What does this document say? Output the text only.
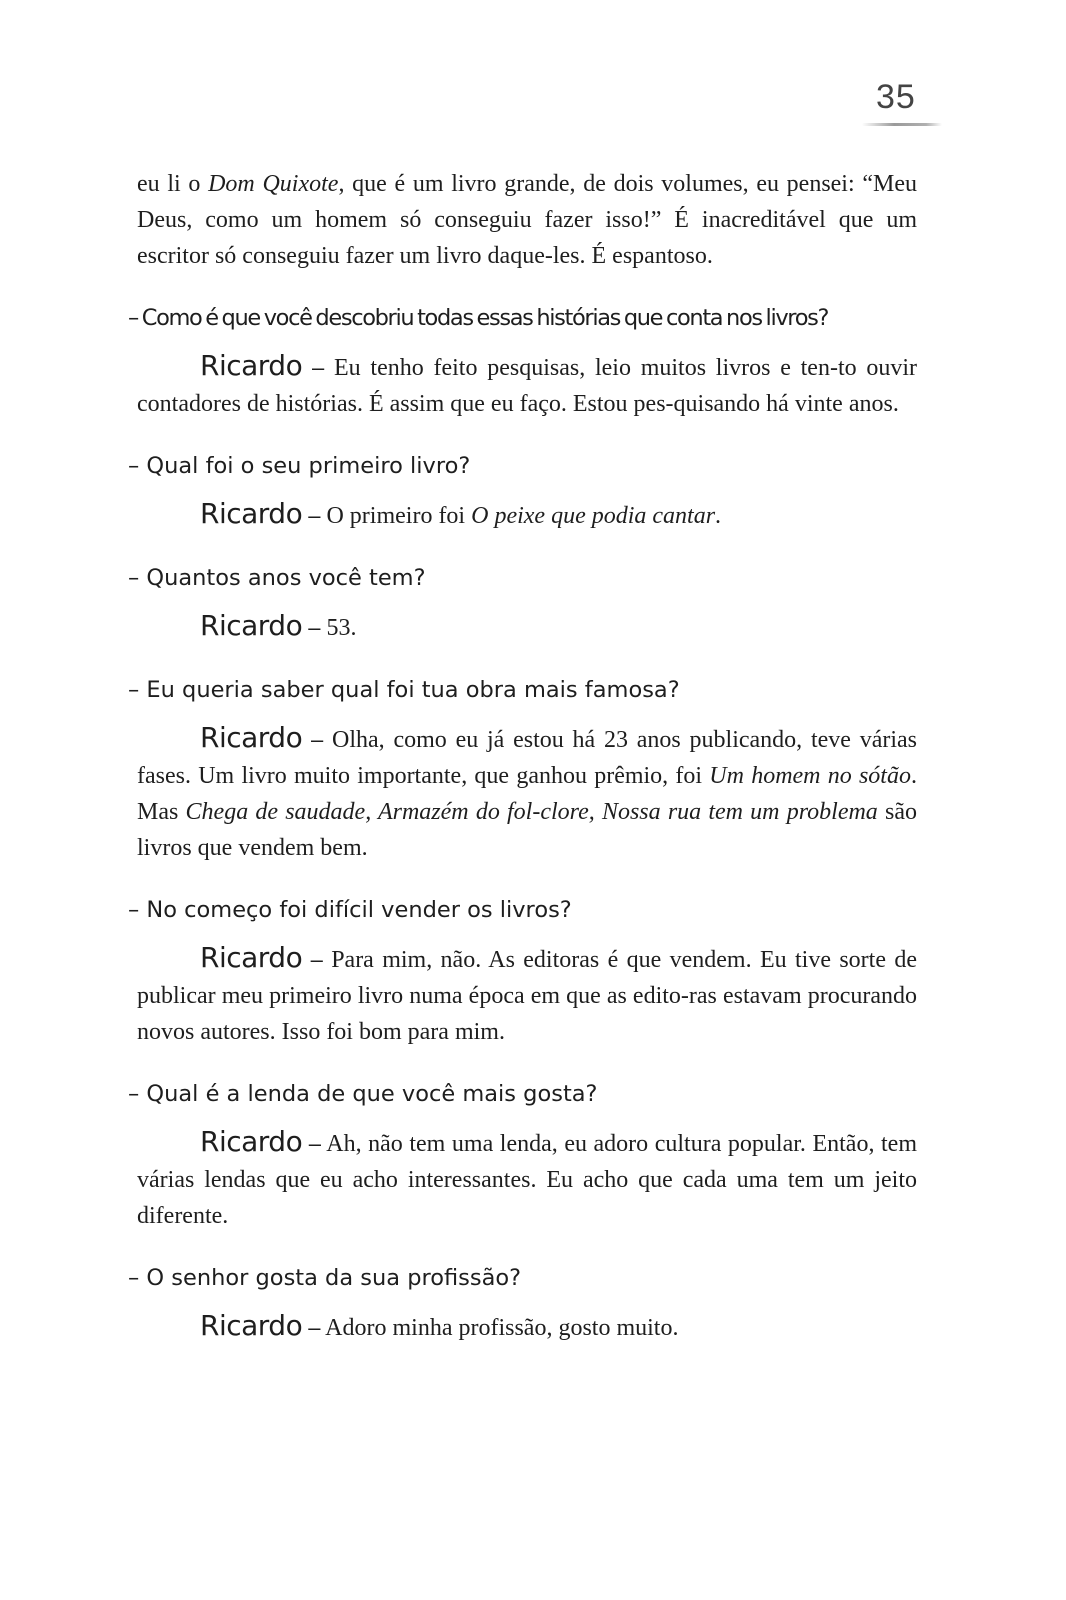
35

eu li o Dom Quixote, que é um livro grande, de dois volumes, eu pensei: “Meu Deus, como um homem só conseguiu fazer isso!” É inacreditável que um escritor só conseguiu fazer um livro daque-les. É espantoso.

– Como é que você descobriu todas essas histórias que conta nos livros?

Ricardo – Eu tenho feito pesquisas, leio muitos livros e ten-to ouvir contadores de histórias. É assim que eu faço. Estou pes-quisando há vinte anos.

– Qual foi o seu primeiro livro?

Ricardo – O primeiro foi O peixe que podia cantar.

– Quantos anos você tem?

Ricardo – 53.

– Eu queria saber qual foi tua obra mais famosa?

Ricardo – Olha, como eu já estou há 23 anos publicando, teve várias fases. Um livro muito importante, que ganhou prêmio, foi Um homem no sótão. Mas Chega de saudade, Armazém do fol-clore, Nossa rua tem um problema são livros que vendem bem.

– No começo foi difícil vender os livros?

Ricardo – Para mim, não. As editoras é que vendem. Eu tive sorte de publicar meu primeiro livro numa época em que as edito-ras estavam procurando novos autores. Isso foi bom para mim.

– Qual é a lenda de que você mais gosta?

Ricardo – Ah, não tem uma lenda, eu adoro cultura popular. Então, tem várias lendas que eu acho interessantes. Eu acho que cada uma tem um jeito diferente.

– O senhor gosta da sua profissão?

Ricardo – Adoro minha profissão, gosto muito.
